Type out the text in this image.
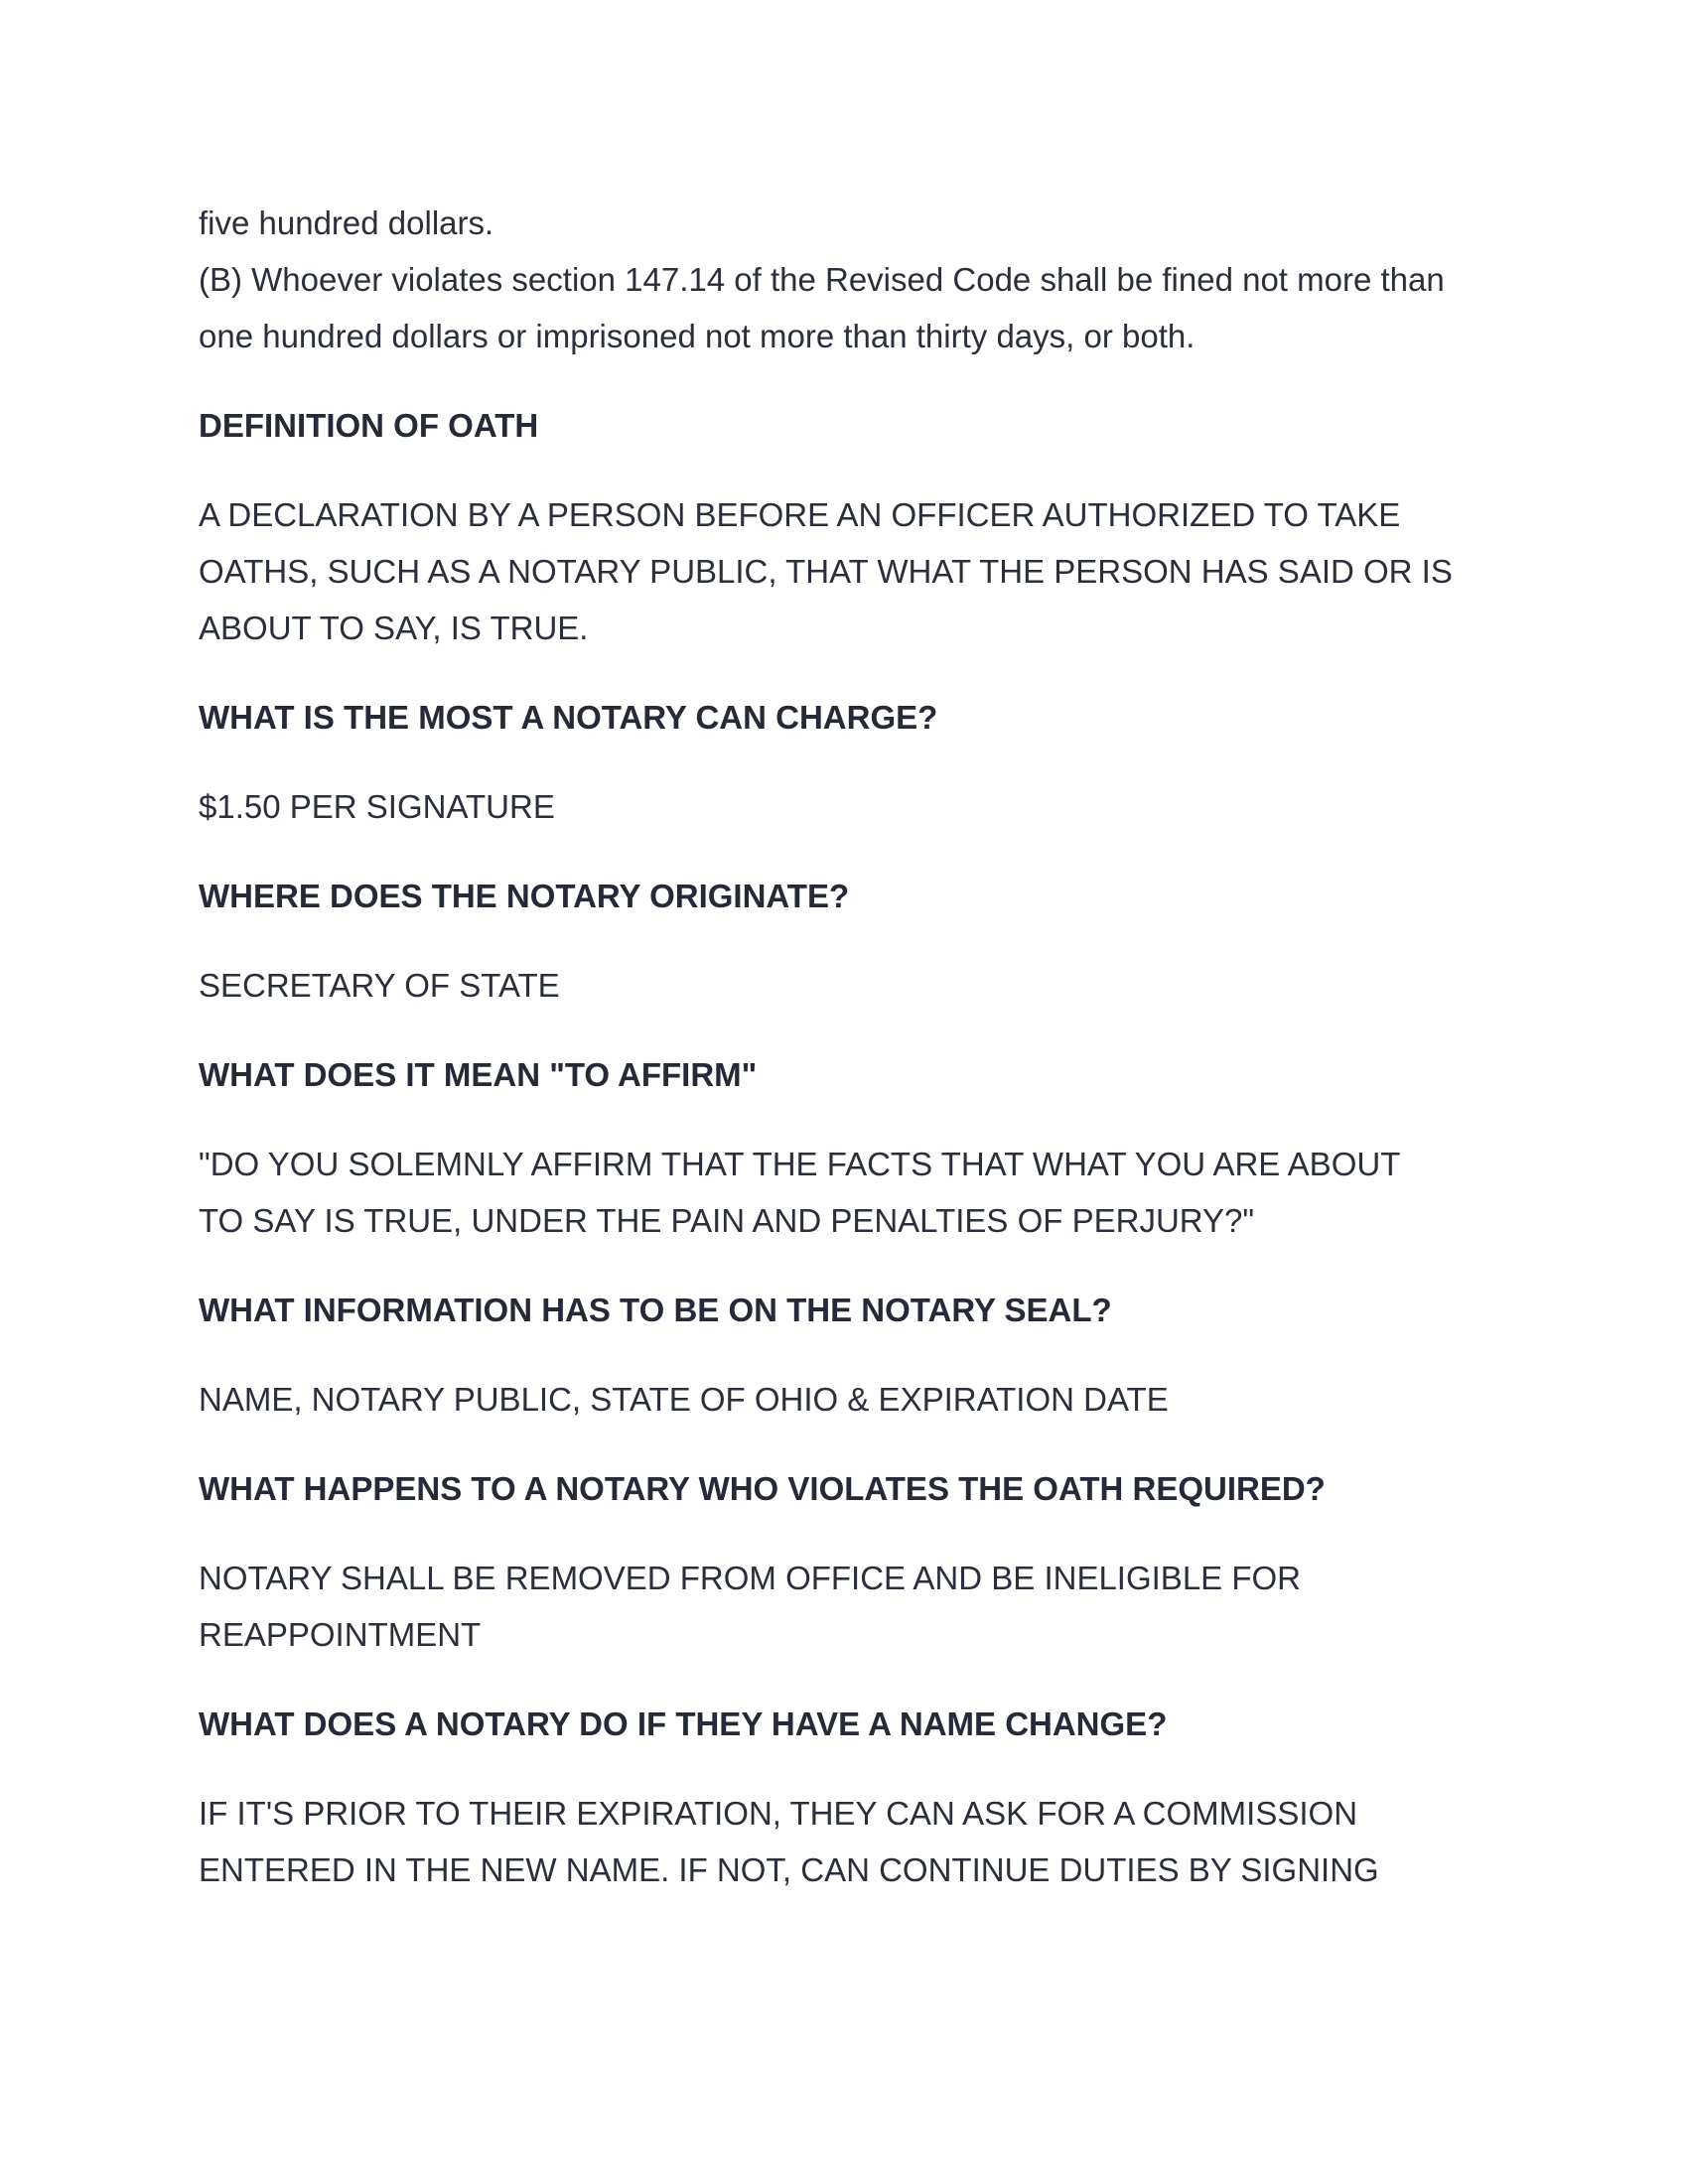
five hundred dollars.

(B) Whoever violates section 147.14 of the Revised Code shall be fined not more than
one hundred dollars or imprisoned not more than thirty days, or both.

DEFINITION OF OATH

A DECLARATION BY A PERSON BEFORE AN OFFICER AUTHORIZED TO TAKE
OATHS, SUCH AS A NOTARY PUBLIC, THAT WHAT THE PERSON HAS SAID OR IS
ABOUT TO SAY, IS TRUE.

WHAT IS THE MOST A NOTARY CAN CHARGE?

$1.50 PER SIGNATURE

WHERE DOES THE NOTARY ORIGINATE?

SECRETARY OF STATE

WHAT DOES IT MEAN "TO AFFIRM"

"DO YOU SOLEMNLY AFFIRM THAT THE FACTS THAT WHAT YOU ARE ABOUT
TO SAY IS TRUE, UNDER THE PAIN AND PENALTIES OF PERJURY?"

WHAT INFORMATION HAS TO BE ON THE NOTARY SEAL?

NAME, NOTARY PUBLIC, STATE OF OHIO & EXPIRATION DATE

WHAT HAPPENS TO A NOTARY WHO VIOLATES THE OATH REQUIRED?

NOTARY SHALL BE REMOVED FROM OFFICE AND BE INELIGIBLE FOR
REAPPOINTMENT

WHAT DOES A NOTARY DO IF THEY HAVE A NAME CHANGE?

IF IT'S PRIOR TO THEIR EXPIRATION, THEY CAN ASK FOR A COMMISSION
ENTERED IN THE NEW NAME. IF NOT, CAN CONTINUE DUTIES BY SIGNING
